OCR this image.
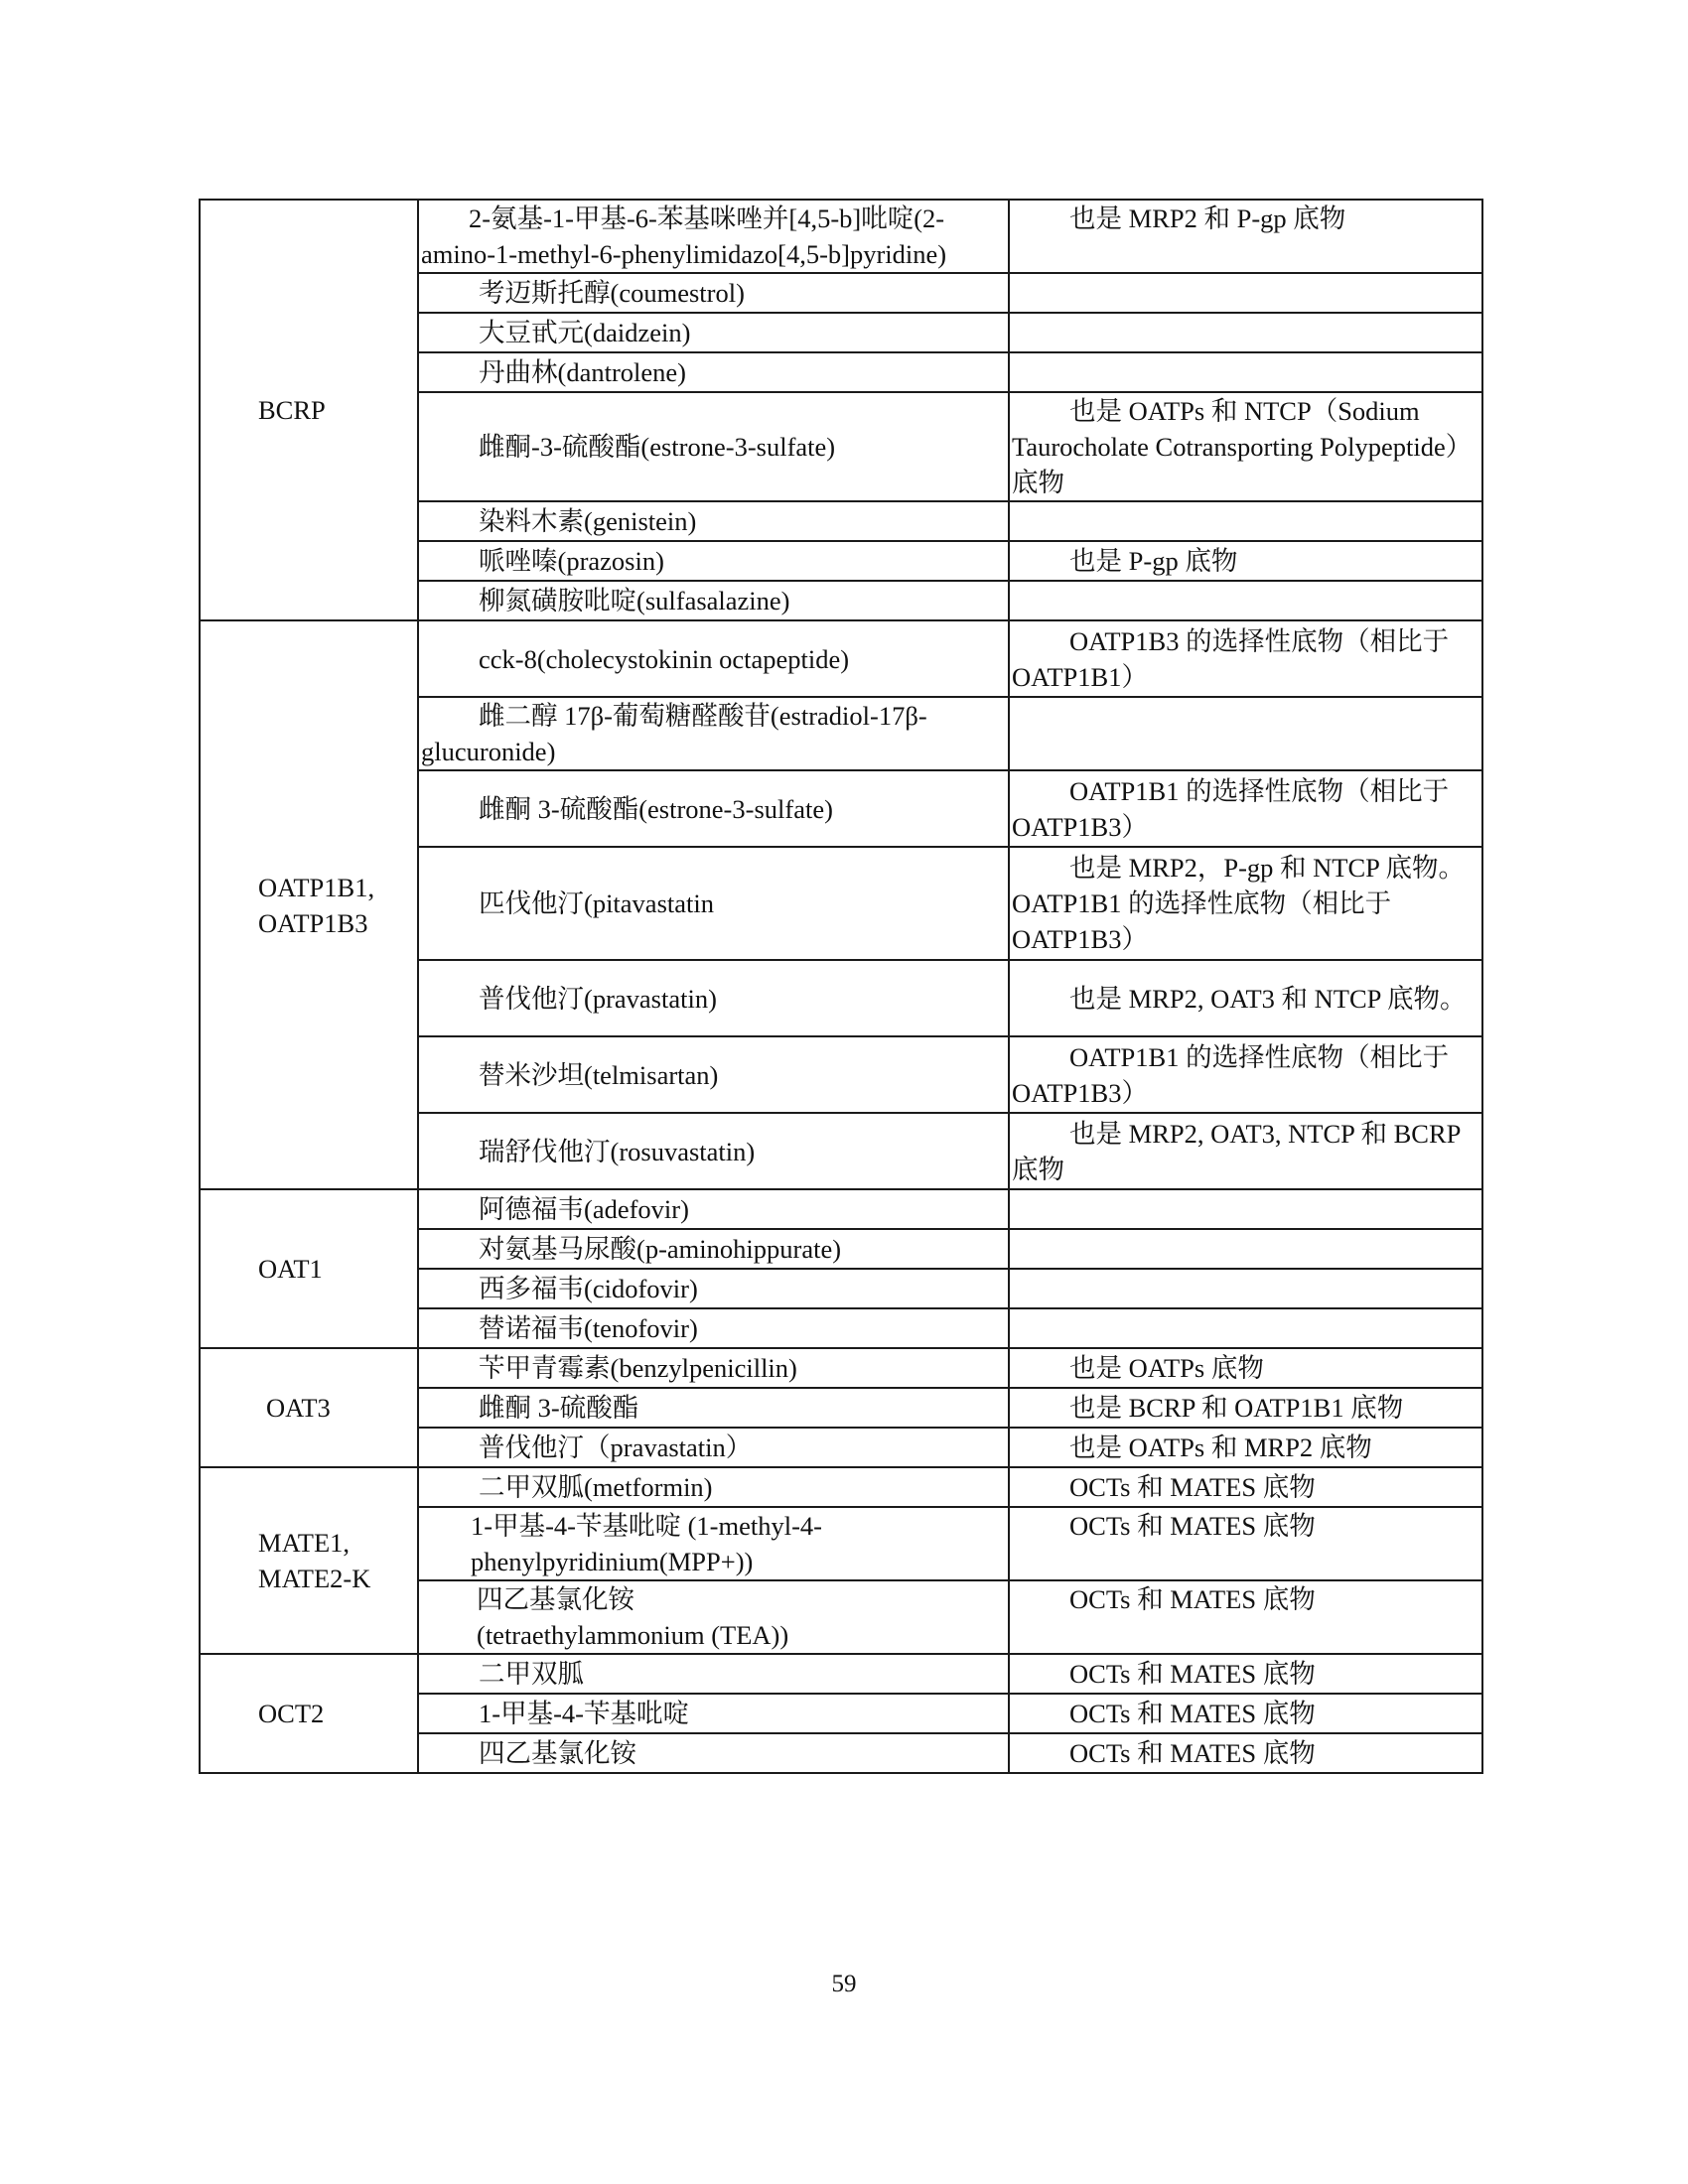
BCRP	2-氨基-1-甲基-6-苯基咪唑并[4,5-b]吡啶(2-amino-1-methyl-6-phenylimidazo[4,5-b]pyridine)	也是 MRP2 和 P-gp 底物
	考迈斯托醇(coumestrol)	
	大豆甙元(daidzein)	
	丹曲林(dantrolene)	
	雌酮-3-硫酸酯(estrone-3-sulfate)	也是 OATPs 和 NTCP（Sodium Taurocholate Cotransporting Polypeptide）底物
	染料木素(genistein)	
	哌唑嗪(prazosin)	也是 P-gp 底物
	柳氮磺胺吡啶(sulfasalazine)	
OATP1B1, OATP1B3	cck-8(cholecystokinin octapeptide)	OATP1B3 的选择性底物（相比于 OATP1B1）
	雌二醇 17β-葡萄糖醛酸苷(estradiol-17β-glucuronide)	
	雌酮 3-硫酸酯(estrone-3-sulfate)	OATP1B1 的选择性底物（相比于 OATP1B3）
	匹伐他汀(pitavastatin	也是 MRP2，P-gp 和 NTCP 底物。OATP1B1 的选择性底物（相比于 OATP1B3）
	普伐他汀(pravastatin)	也是 MRP2, OAT3 和 NTCP 底物。
	替米沙坦(telmisartan)	OATP1B1 的选择性底物（相比于 OATP1B3）
	瑞舒伐他汀(rosuvastatin)	也是 MRP2, OAT3, NTCP 和 BCRP 底物
OAT1	阿德福韦(adefovir)	
	对氨基马尿酸(p-aminohippurate)	
	西多福韦(cidofovir)	
	替诺福韦(tenofovir)	
OAT3	苄甲青霉素(benzylpenicillin)	也是 OATPs 底物
	雌酮 3-硫酸酯	也是 BCRP 和 OATP1B1 底物
	普伐他汀（pravastatin）	也是 OATPs 和 MRP2 底物
MATE1, MATE2-K	二甲双胍(metformin)	OCTs 和 MATES 底物
	1-甲基-4-苄基吡啶 (1-methyl-4-phenylpyridinium(MPP+))	OCTs 和 MATES 底物
	四乙基氯化铵 (tetraethylammonium (TEA))	OCTs 和 MATES 底物
OCT2	二甲双胍	OCTs 和 MATES 底物
	1-甲基-4-苄基吡啶	OCTs 和 MATES 底物
	四乙基氯化铵	OCTs 和 MATES 底物
59
